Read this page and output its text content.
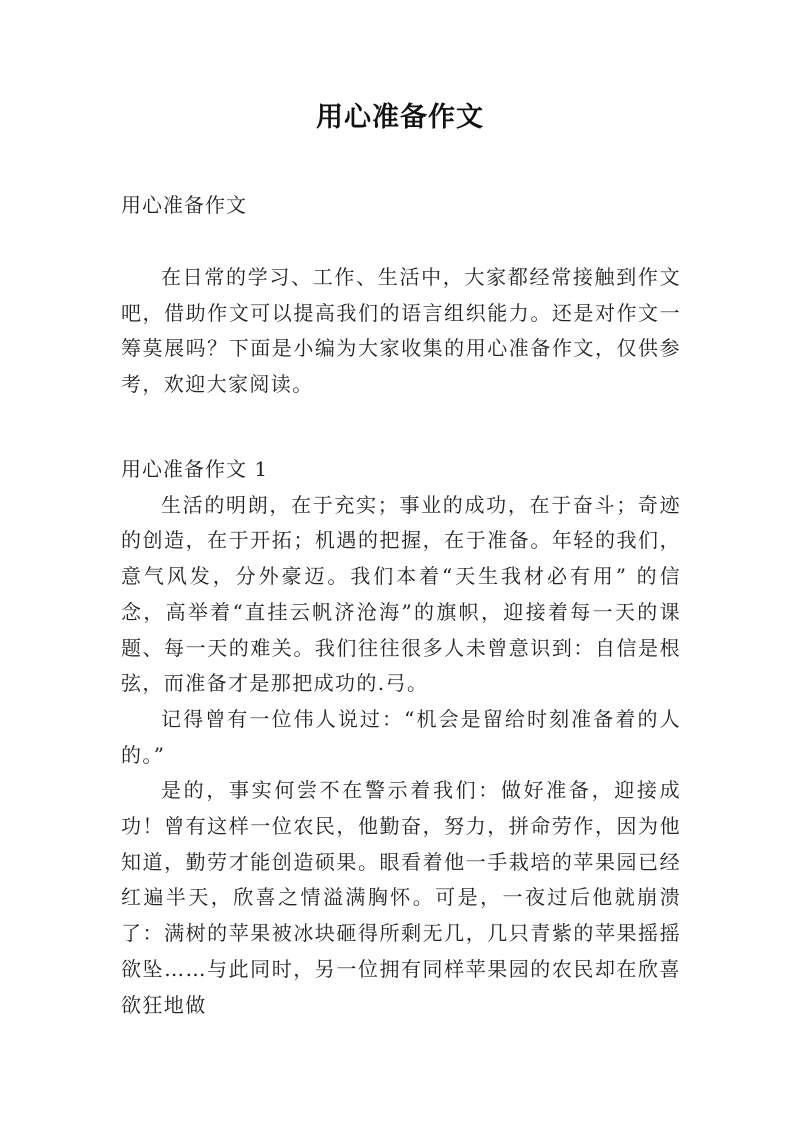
用心准备作文
用心准备作文

在日常的学习、工作、生活中，大家都经常接触到作文吧，借助作文可以提高我们的语言组织能力。还是对作文一筹莫展吗？下面是小编为大家收集的用心准备作文，仅供参考，欢迎大家阅读。

用心准备作文 1

生活的明朗，在于充实；事业的成功，在于奋斗；奇迹的创造，在于开拓；机遇的把握，在于准备。年轻的我们，意气风发，分外豪迈。我们本着“天生我材必有用” 的信念，高举着“直挂云帆济沧海”的旗帜，迎接着每一天的课题、每一天的难关。我们往往很多人未曾意识到：自信是根弦，而准备才是那把成功的.弓。

记得曾有一位伟人说过：“机会是留给时刻准备着的人的。”

是的，事实何尝不在警示着我们：做好准备，迎接成功！曾有这样一位农民，他勤奋，努力，拼命劳作，因为他知道，勤劳才能创造硕果。眼看着他一手栽培的苹果园已经红遍半天，欣喜之情溢满胸怀。可是，一夜过后他就崩溃了：满树的苹果被冰块砸得所剩无几，几只青紫的苹果摇摇欲坠……与此同时，另一位拥有同样苹果园的农民却在欣喜欲狂地做
